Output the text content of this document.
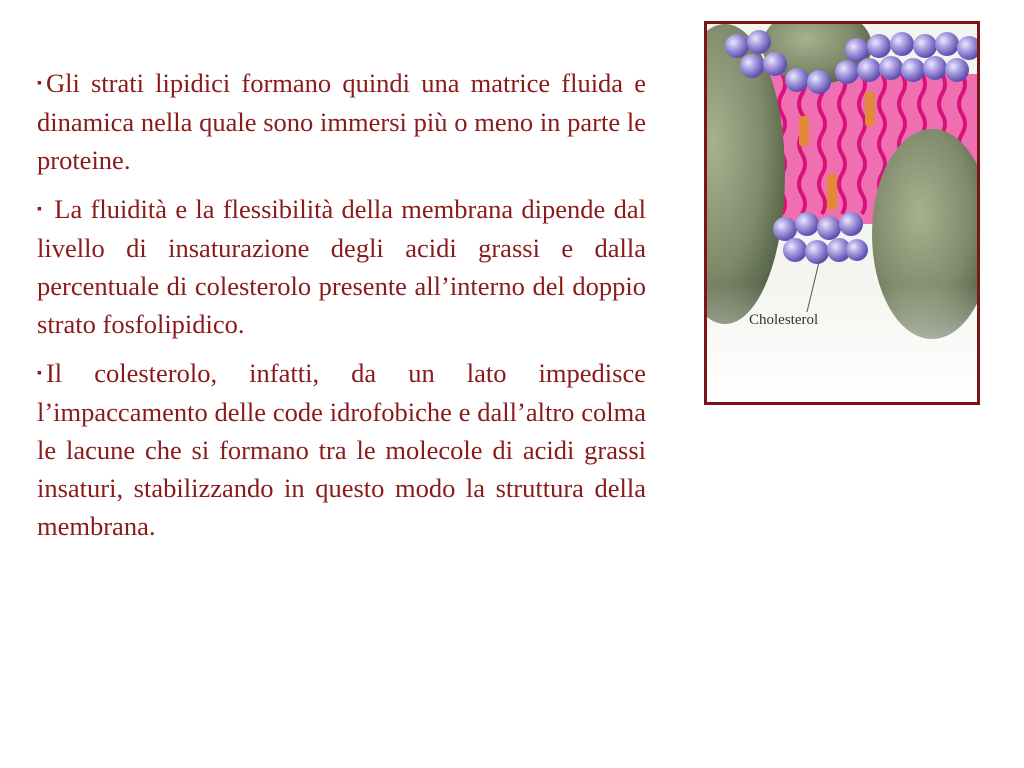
▪ Gli strati lipidici formano quindi una matrice fluida e dinamica nella quale sono immersi più o meno in parte le proteine.

▪ La fluidità e la flessibilità della membrana dipende dal livello di insaturazione degli acidi grassi e dalla percentuale di colesterolo presente all’interno del doppio strato fosfolipidico.

▪ Il colesterolo, infatti, da un lato impedisce l’impaccamento delle code idrofobiche e dall’altro colma le lacune che si formano tra le molecole di acidi grassi insaturi, stabilizzando in questo modo la struttura della membrana.

Cholesterol
